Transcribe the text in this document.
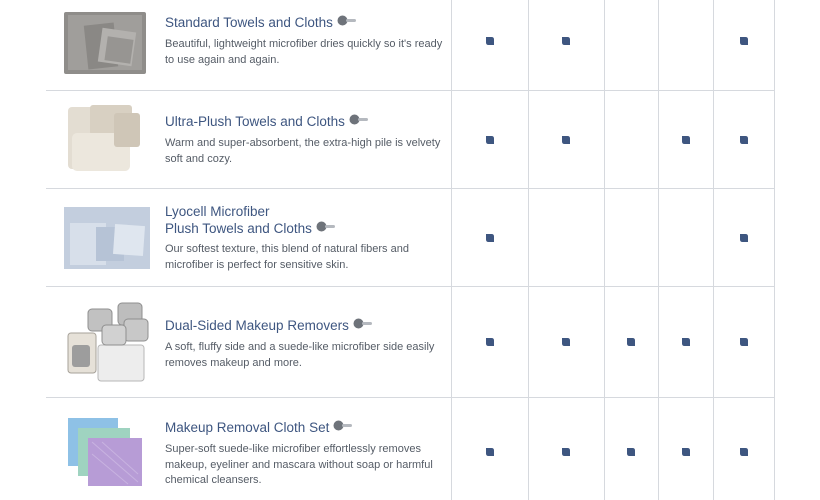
Standard Towels and Cloths
Beautiful, lightweight microfiber dries quickly so it's ready to use again and again.
Ultra-Plush Towels and Cloths
Warm and super-absorbent, the extra-high pile is velvety soft and cozy.
Lyocell Microfiber
Plush Towels and Cloths
Our softest texture, this blend of natural fibers and microfiber is perfect for sensitive skin.
Dual-Sided Makeup Removers
A soft, fluffy side and a suede-like microfiber side easily removes makeup and more.
Makeup Removal Cloth Set
Super-soft suede-like microfiber effortlessly removes makeup, eyeliner and mascara without soap or harmful chemical cleansers.
